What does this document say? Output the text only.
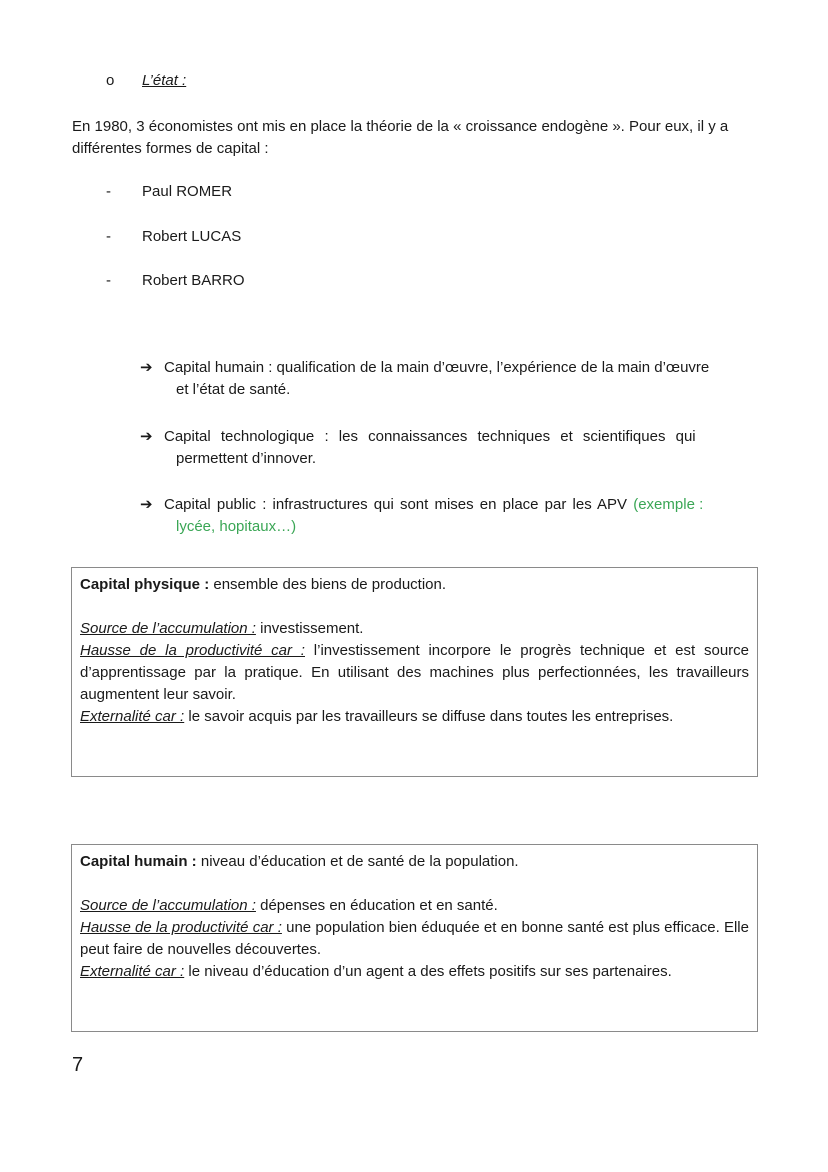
o L’état :
En 1980, 3 économistes ont mis en place la théorie de la « croissance endogène ». Pour eux, il y a différentes formes de capital :
- Paul ROMER
- Robert LUCAS
- Robert BARRO
➔ Capital humain : qualification de la main d’œuvre, l’expérience de la main d’œuvre
et l’état de santé.
➔ Capital technologique : les connaissances techniques et scientifiques qui
permettent d’innover.
➔ Capital public : infrastructures qui sont mises en place par les APV (exemple :
lycée, hopitaux…)

Capital physique : ensemble des biens de production.

Source de l’accumulation : investissement.

Hausse de la productivité car : l’investissement incorpore le progrès technique et est source d’apprentissage par la pratique. En utilisant des machines plus perfectionnées, les travailleurs augmentent leur savoir.

Externalité car : le savoir acquis par les travailleurs se diffuse dans toutes les entreprises.

Capital humain : niveau d’éducation et de santé de la population.

Source de l’accumulation : dépenses en éducation et en santé.

Hausse de la productivité car : une population bien éduquée et en bonne santé est plus efficace. Elle peut faire de nouvelles découvertes.

Externalité car : le niveau d’éducation d’un agent a des effets positifs sur ses partenaires.

7
